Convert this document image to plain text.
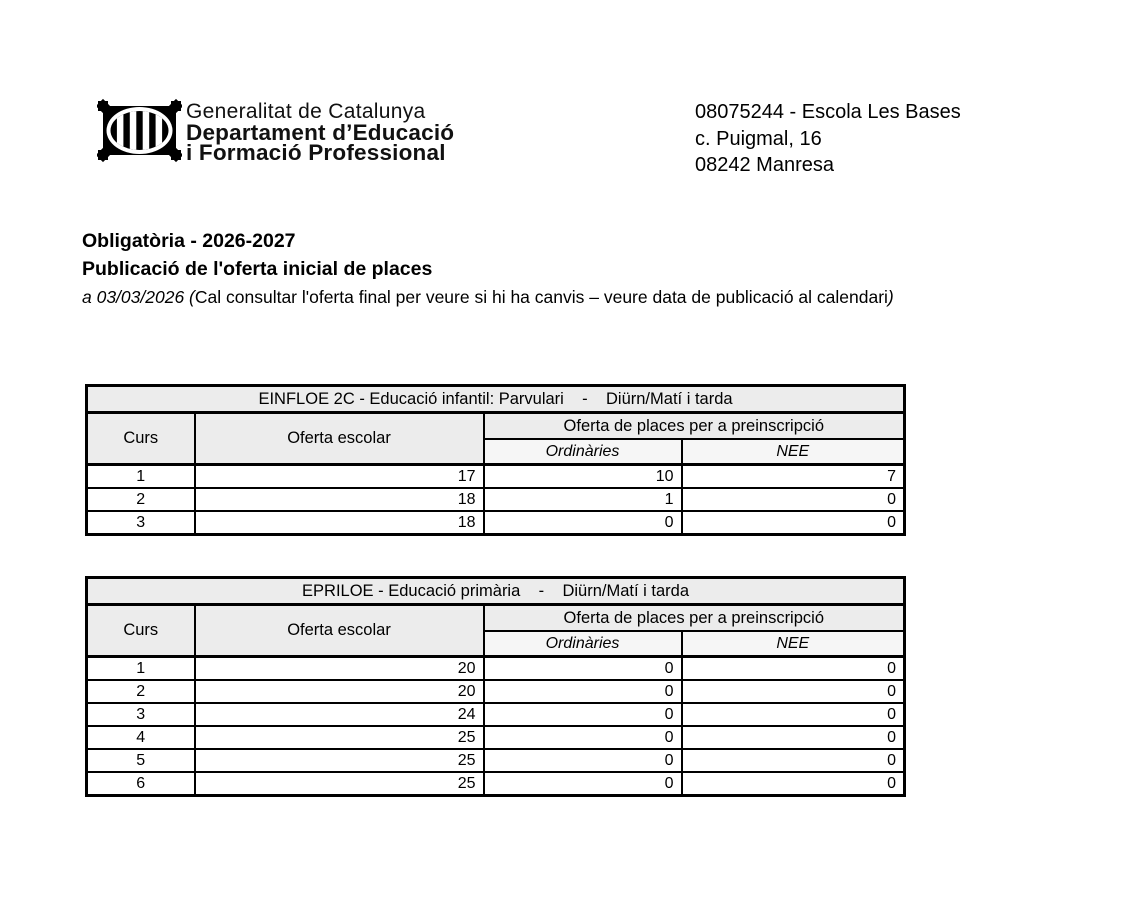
Generalitat de Catalunya
Departament d’Educació
i Formació Professional
08075244 - Escola Les Bases
c. Puigmal, 16
08242 Manresa
Obligatòria - 2026-2027
Publicació de l'oferta inicial de places
a 03/03/2026 (Cal consultar l'oferta final per veure si hi ha canvis – veure data de publicació al calendari)
EINFLOE 2C - Educació infantil: Parvulari    -    Diürn/Matí i tarda			
Curs	Oferta escolar	Oferta de places per a preinscripció	
		Ordinàries	NEE
1	17	10	7
2	18	1	0
3	18	0	0
EPRILOE - Educació primària    -    Diürn/Matí i tarda			
Curs	Oferta escolar	Oferta de places per a preinscripció	
		Ordinàries	NEE
1	20	0	0
2	20	0	0
3	24	0	0
4	25	0	0
5	25	0	0
6	25	0	0
